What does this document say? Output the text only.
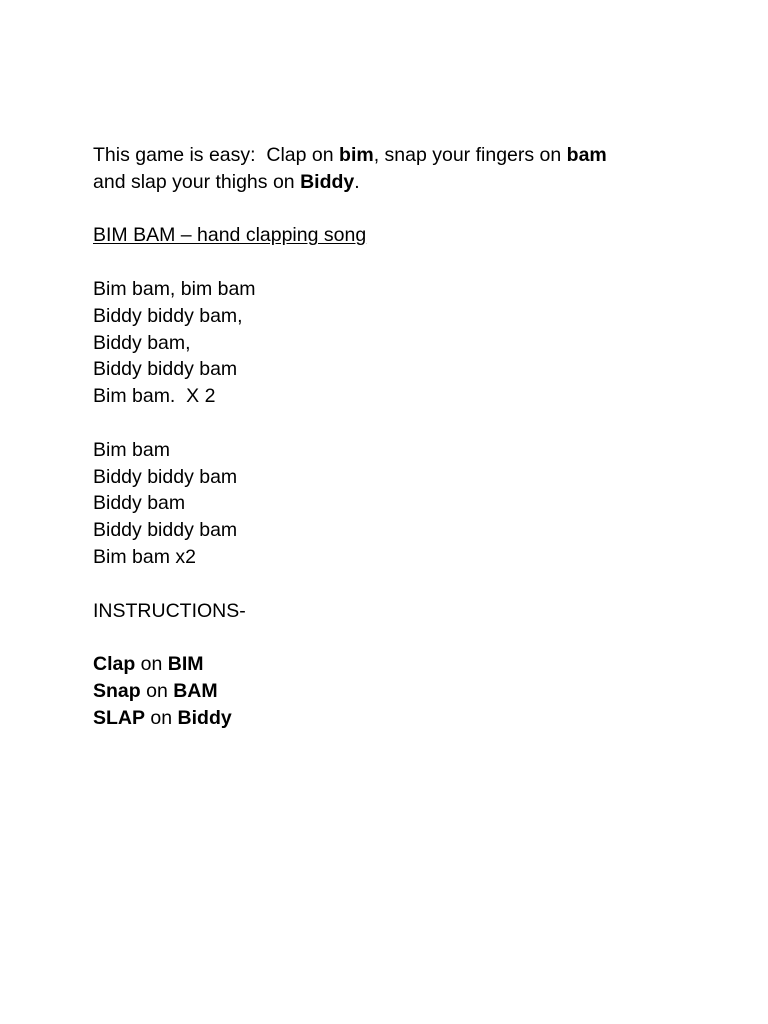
This game is easy:  Clap on bim, snap your fingers on bam
and slap your thighs on Biddy.
BIM BAM – hand clapping song
Bim bam, bim bam
Biddy biddy bam,
Biddy bam,
Biddy biddy bam
Bim bam.  X 2
Bim bam
Biddy biddy bam
Biddy bam
Biddy biddy bam
Bim bam x2
INSTRUCTIONS-
Clap on BIM
Snap on BAM
SLAP on Biddy
